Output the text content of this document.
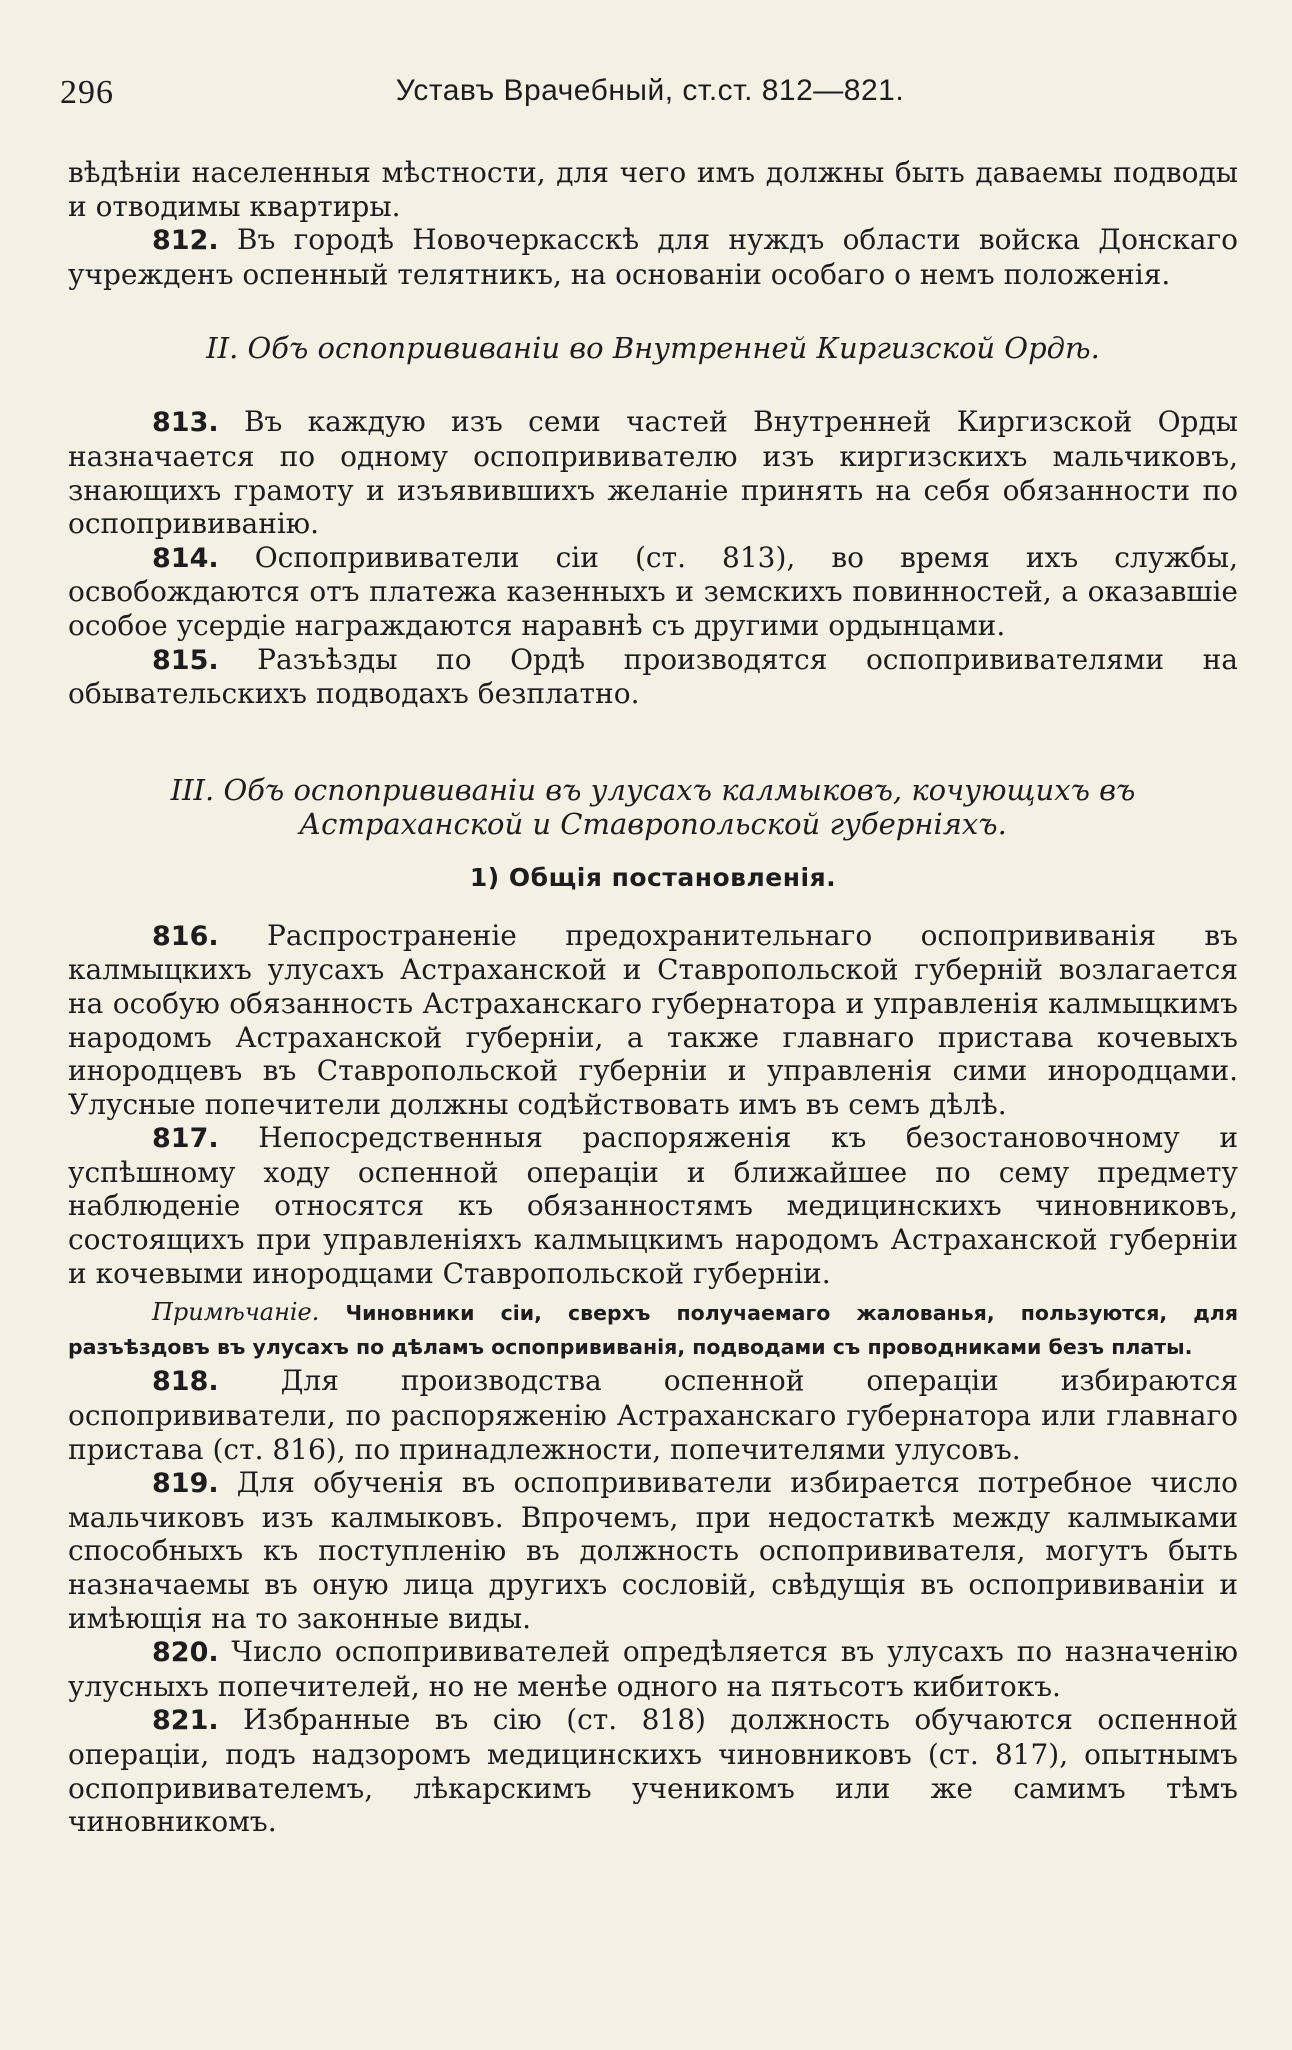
296	Уставъ Врачебный, ст.ст. 812—821.

вѣдѣніи населенныя мѣстности, для чего имъ должны быть даваемы подводы и отводимы квартиры.

812. Въ городѣ Новочеркасскѣ для нуждъ области войска Донскаго учрежденъ оспенный телятникъ, на основаніи особаго о немъ положенія.

II. Объ оспопрививаніи во Внутренней Киргизской Ордѣ.

813. Въ каждую изъ семи частей Внутренней Киргизской Орды назначается по одному оспопрививателю изъ киргизскихъ мальчиковъ, знающихъ грамоту и изъявившихъ желаніе принять на себя обязанности по оспопрививанію.

814. Оспопрививатели сіи (ст. 813), во время ихъ службы, освобождаются отъ платежа казенныхъ и земскихъ повинностей, а оказавшіе особое усердіе награждаются наравнѣ съ другими ордынцами.

815. Разъѣзды по Ордѣ производятся оспопрививателями на обывательскихъ подводахъ безплатно.

III. Объ оспопрививаніи въ улусахъ калмыковъ, кочующихъ въ Астраханской и Ставропольской губерніяхъ.

1) Общія постановленія.

816. Распространеніе предохранительнаго оспопрививанія въ калмыцкихъ улусахъ Астраханской и Ставропольской губерній возлагается на особую обязанность Астраханскаго губернатора и управленія калмыцкимъ народомъ Астраханской губерніи, а также главнаго пристава кочевыхъ инородцевъ въ Ставропольской губерніи и управленія сими инородцами. Улусные попечители должны содѣйствовать имъ въ семъ дѣлѣ.

817. Непосредственныя распоряженія къ безостановочному и успѣшному ходу оспенной операціи и ближайшее по сему предмету наблюденіе относятся къ обязанностямъ медицинскихъ чиновниковъ, состоящихъ при управленіяхъ калмыцкимъ народомъ Астраханской губерніи и кочевыми инородцами Ставропольской губерніи.

Примѣчаніе. Чиновники сіи, сверхъ получаемаго жалованья, пользуются, для разъѣздовъ въ улусахъ по дѣламъ оспопрививанія, подводами съ проводниками безъ платы.

818. Для производства оспенной операціи избираются оспопрививатели, по распоряженію Астраханскаго губернатора или главнаго пристава (ст. 816), по принадлежности, попечителями улусовъ.

819. Для обученія въ оспопрививатели избирается потребное число мальчиковъ изъ калмыковъ. Впрочемъ, при недостаткѣ между калмыками способныхъ къ поступленію въ должность оспопрививателя, могутъ быть назначаемы въ оную лица другихъ сословій, свѣдущія въ оспопрививаніи и имѣющія на то законные виды.

820. Число оспопрививателей опредѣляется въ улусахъ по назначенію улусныхъ попечителей, но не менѣе одного на пятьсотъ кибитокъ.

821. Избранные въ сію (ст. 818) должность обучаются оспенной операціи, подъ надзоромъ медицинскихъ чиновниковъ (ст. 817), опытнымъ оспопрививателемъ, лѣкарскимъ ученикомъ или же самимъ тѣмъ чиновникомъ.
